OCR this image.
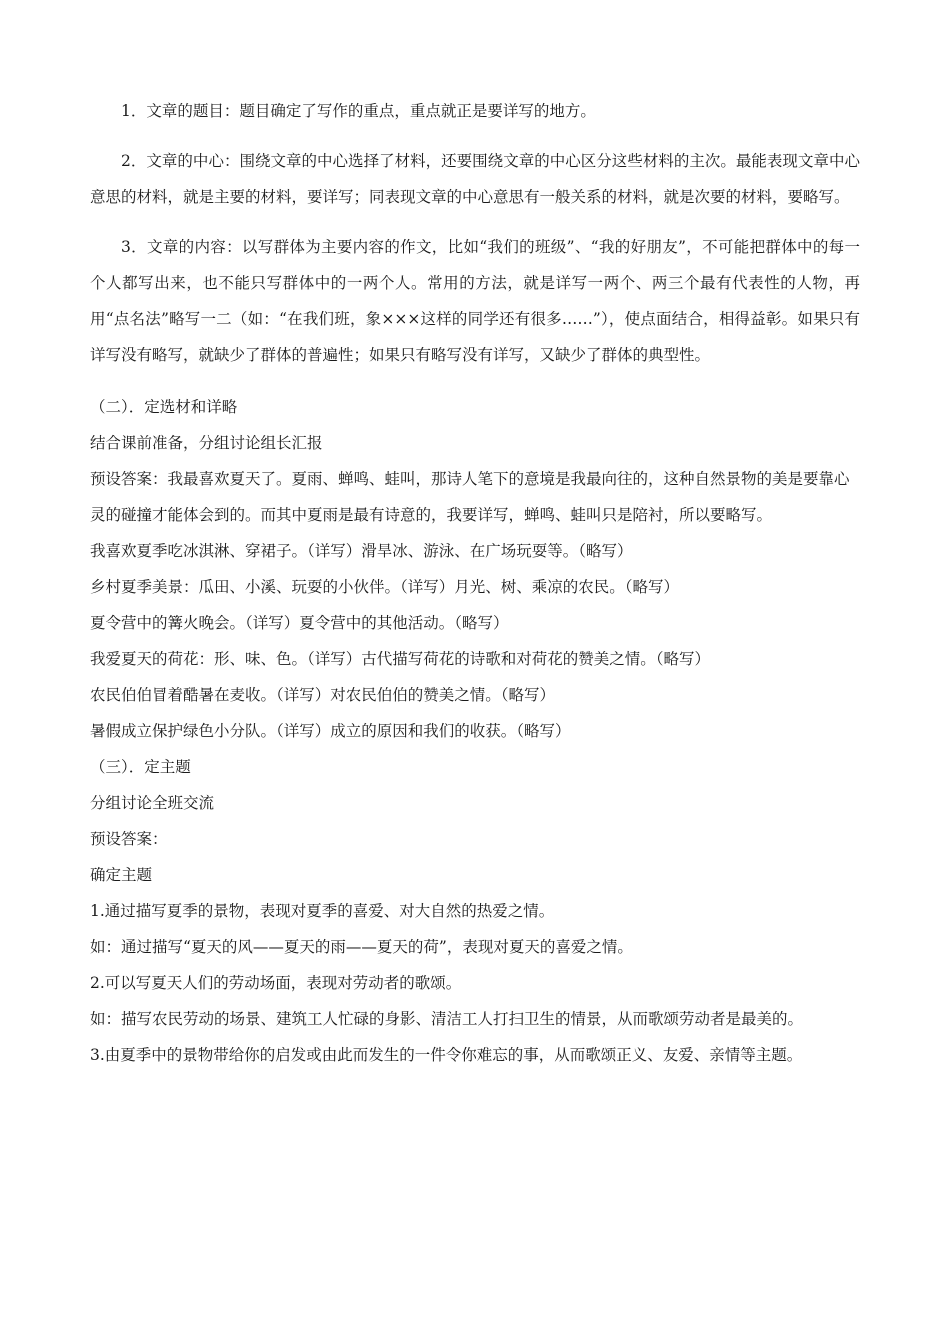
1．文章的题目：题目确定了写作的重点，重点就正是要详写的地方。

2．文章的中心：围绕文章的中心选择了材料，还要围绕文章的中心区分这些材料的主次。最能表现文章中心意思的材料，就是主要的材料，要详写；同表现文章的中心意思有一般关系的材料，就是次要的材料，要略写。

3．文章的内容：以写群体为主要内容的作文，比如“我们的班级”、“我的好朋友”，不可能把群体中的每一个人都写出来，也不能只写群体中的一两个人。常用的方法，就是详写一两个、两三个最有代表性的人物，再用“点名法”略写一二（如：“在我们班，象×××这样的同学还有很多……”），使点面结合，相得益彰。如果只有详写没有略写，就缺少了群体的普遍性；如果只有略写没有详写，又缺少了群体的典型性。

（二）．定选材和详略

结合课前准备，分组讨论组长汇报

预设答案：我最喜欢夏天了。夏雨、蝉鸣、蛙叫，那诗人笔下的意境是我最向往的，这种自然景物的美是要靠心灵的碰撞才能体会到的。而其中夏雨是最有诗意的，我要详写，蝉鸣、蛙叫只是陪衬，所以要略写。

我喜欢夏季吃冰淇淋、穿裙子。（详写）滑旱冰、游泳、在广场玩耍等。（略写）

乡村夏季美景：瓜田、小溪、玩耍的小伙伴。（详写）月光、树、乘凉的农民。（略写）

夏令营中的篝火晚会。（详写）夏令营中的其他活动。（略写）

我爱夏天的荷花：形、味、色。（详写）古代描写荷花的诗歌和对荷花的赞美之情。（略写）

农民伯伯冒着酷暑在麦收。（详写）对农民伯伯的赞美之情。（略写）

暑假成立保护绿色小分队。（详写）成立的原因和我们的收获。（略写）

（三）．定主题

分组讨论全班交流

预设答案：

确定主题

1.通过描写夏季的景物，表现对夏季的喜爱、对大自然的热爱之情。

如：通过描写“夏天的风——夏天的雨——夏天的荷”，表现对夏天的喜爱之情。

2.可以写夏天人们的劳动场面，表现对劳动者的歌颂。

如：描写农民劳动的场景、建筑工人忙碌的身影、清洁工人打扫卫生的情景，从而歌颂劳动者是最美的。

3.由夏季中的景物带给你的启发或由此而发生的一件令你难忘的事，从而歌颂正义、友爱、亲情等主题。
